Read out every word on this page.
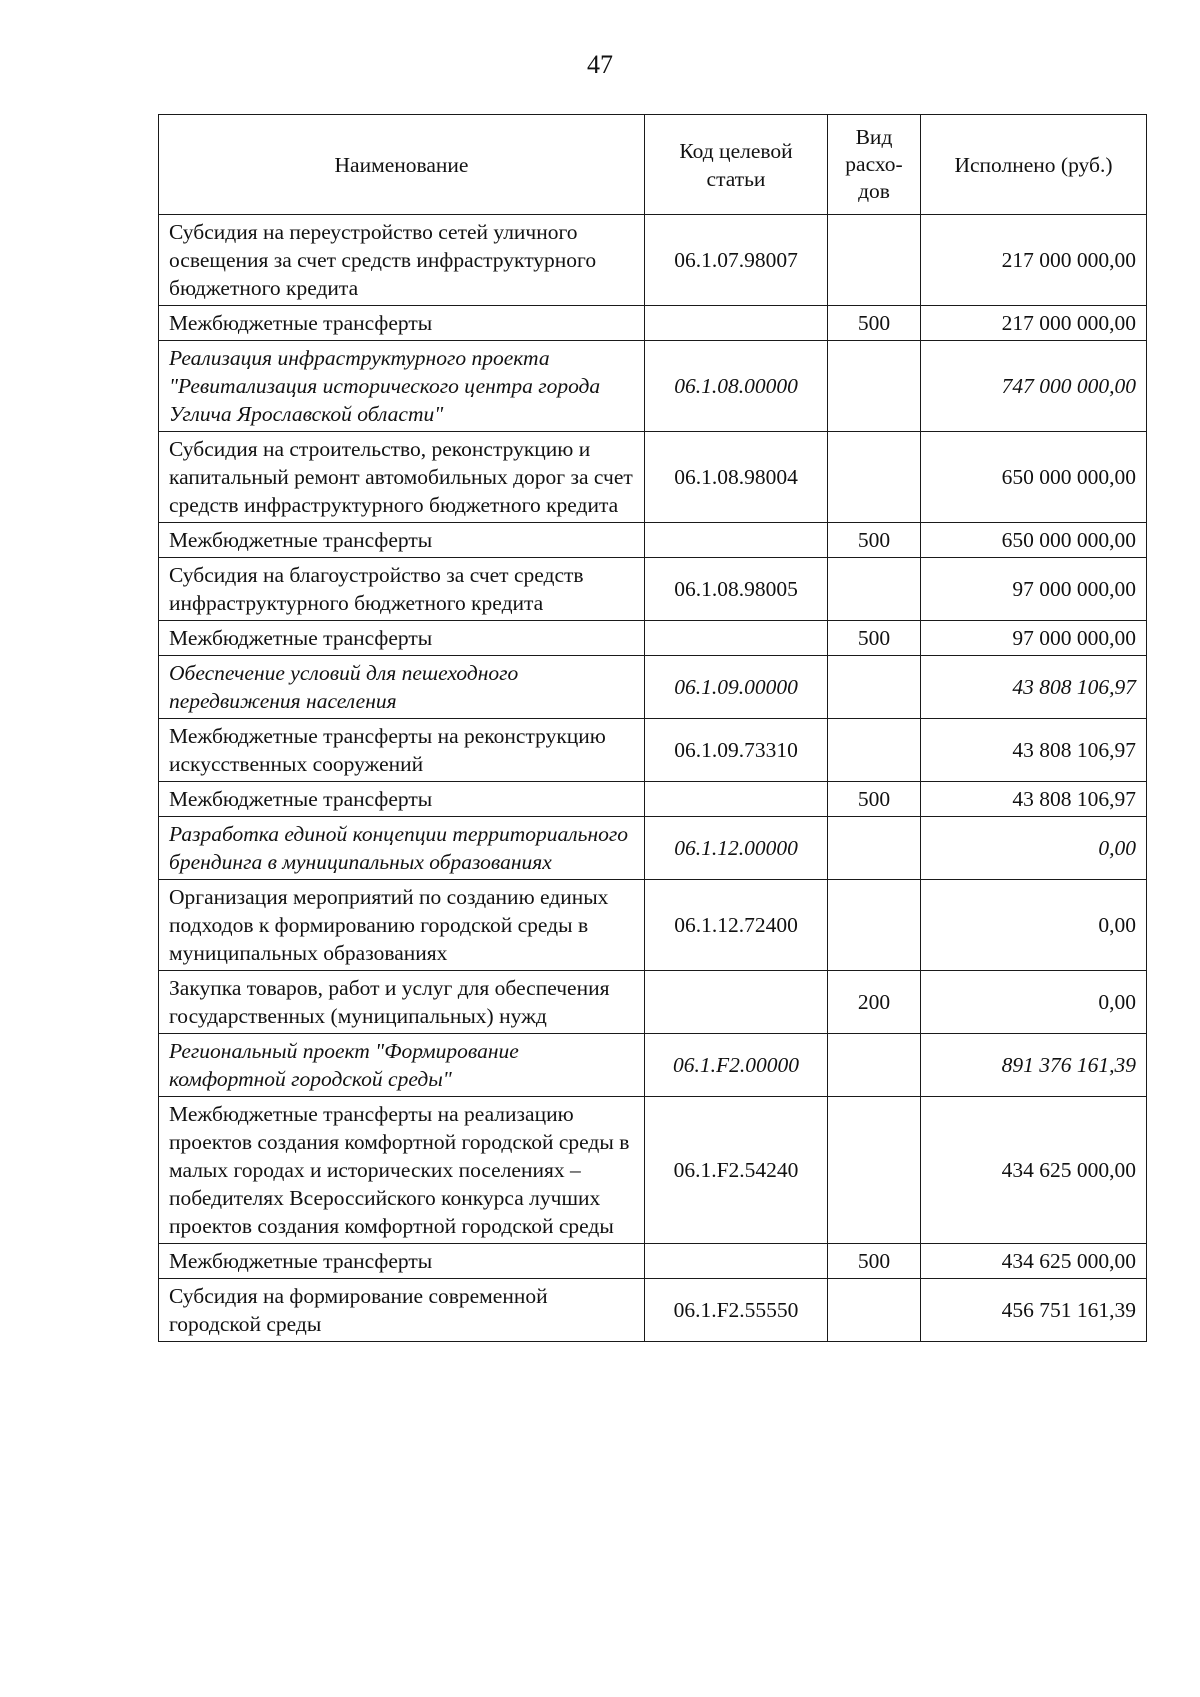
47
Наименование	Код целевой статьи	Вид расхо-дов	Исполнено (руб.)
Субсидия на переустройство сетей уличного освещения за счет средств инфраструктурного бюджетного кредита	06.1.07.98007		217 000 000,00
Межбюджетные трансферты		500	217 000 000,00
Реализация инфраструктурного проекта "Ревитализация исторического центра города Углича Ярославской области"	06.1.08.00000		747 000 000,00
Субсидия на строительство, реконструкцию и капитальный ремонт автомобильных дорог за счет средств инфраструктурного бюджетного кредита	06.1.08.98004		650 000 000,00
Межбюджетные трансферты		500	650 000 000,00
Субсидия на благоустройство за счет средств инфраструктурного бюджетного кредита	06.1.08.98005		97 000 000,00
Межбюджетные трансферты		500	97 000 000,00
Обеспечение условий для пешеходного передвижения населения	06.1.09.00000		43 808 106,97
Межбюджетные трансферты на реконструкцию искусственных сооружений	06.1.09.73310		43 808 106,97
Межбюджетные трансферты		500	43 808 106,97
Разработка единой концепции территориального брендинга в муниципальных образованиях	06.1.12.00000		0,00
Организация мероприятий по созданию единых подходов к формированию городской среды в муниципальных образованиях	06.1.12.72400		0,00
Закупка товаров, работ и услуг для обеспечения государственных (муниципальных) нужд		200	0,00
Региональный проект "Формирование комфортной городской среды"	06.1.F2.00000		891 376 161,39
Межбюджетные трансферты на реализацию проектов создания комфортной городской среды в малых городах и исторических поселениях – победителях Всероссийского конкурса лучших проектов создания комфортной городской среды	06.1.F2.54240		434 625 000,00
Межбюджетные трансферты		500	434 625 000,00
Субсидия на формирование современной городской среды	06.1.F2.55550		456 751 161,39
